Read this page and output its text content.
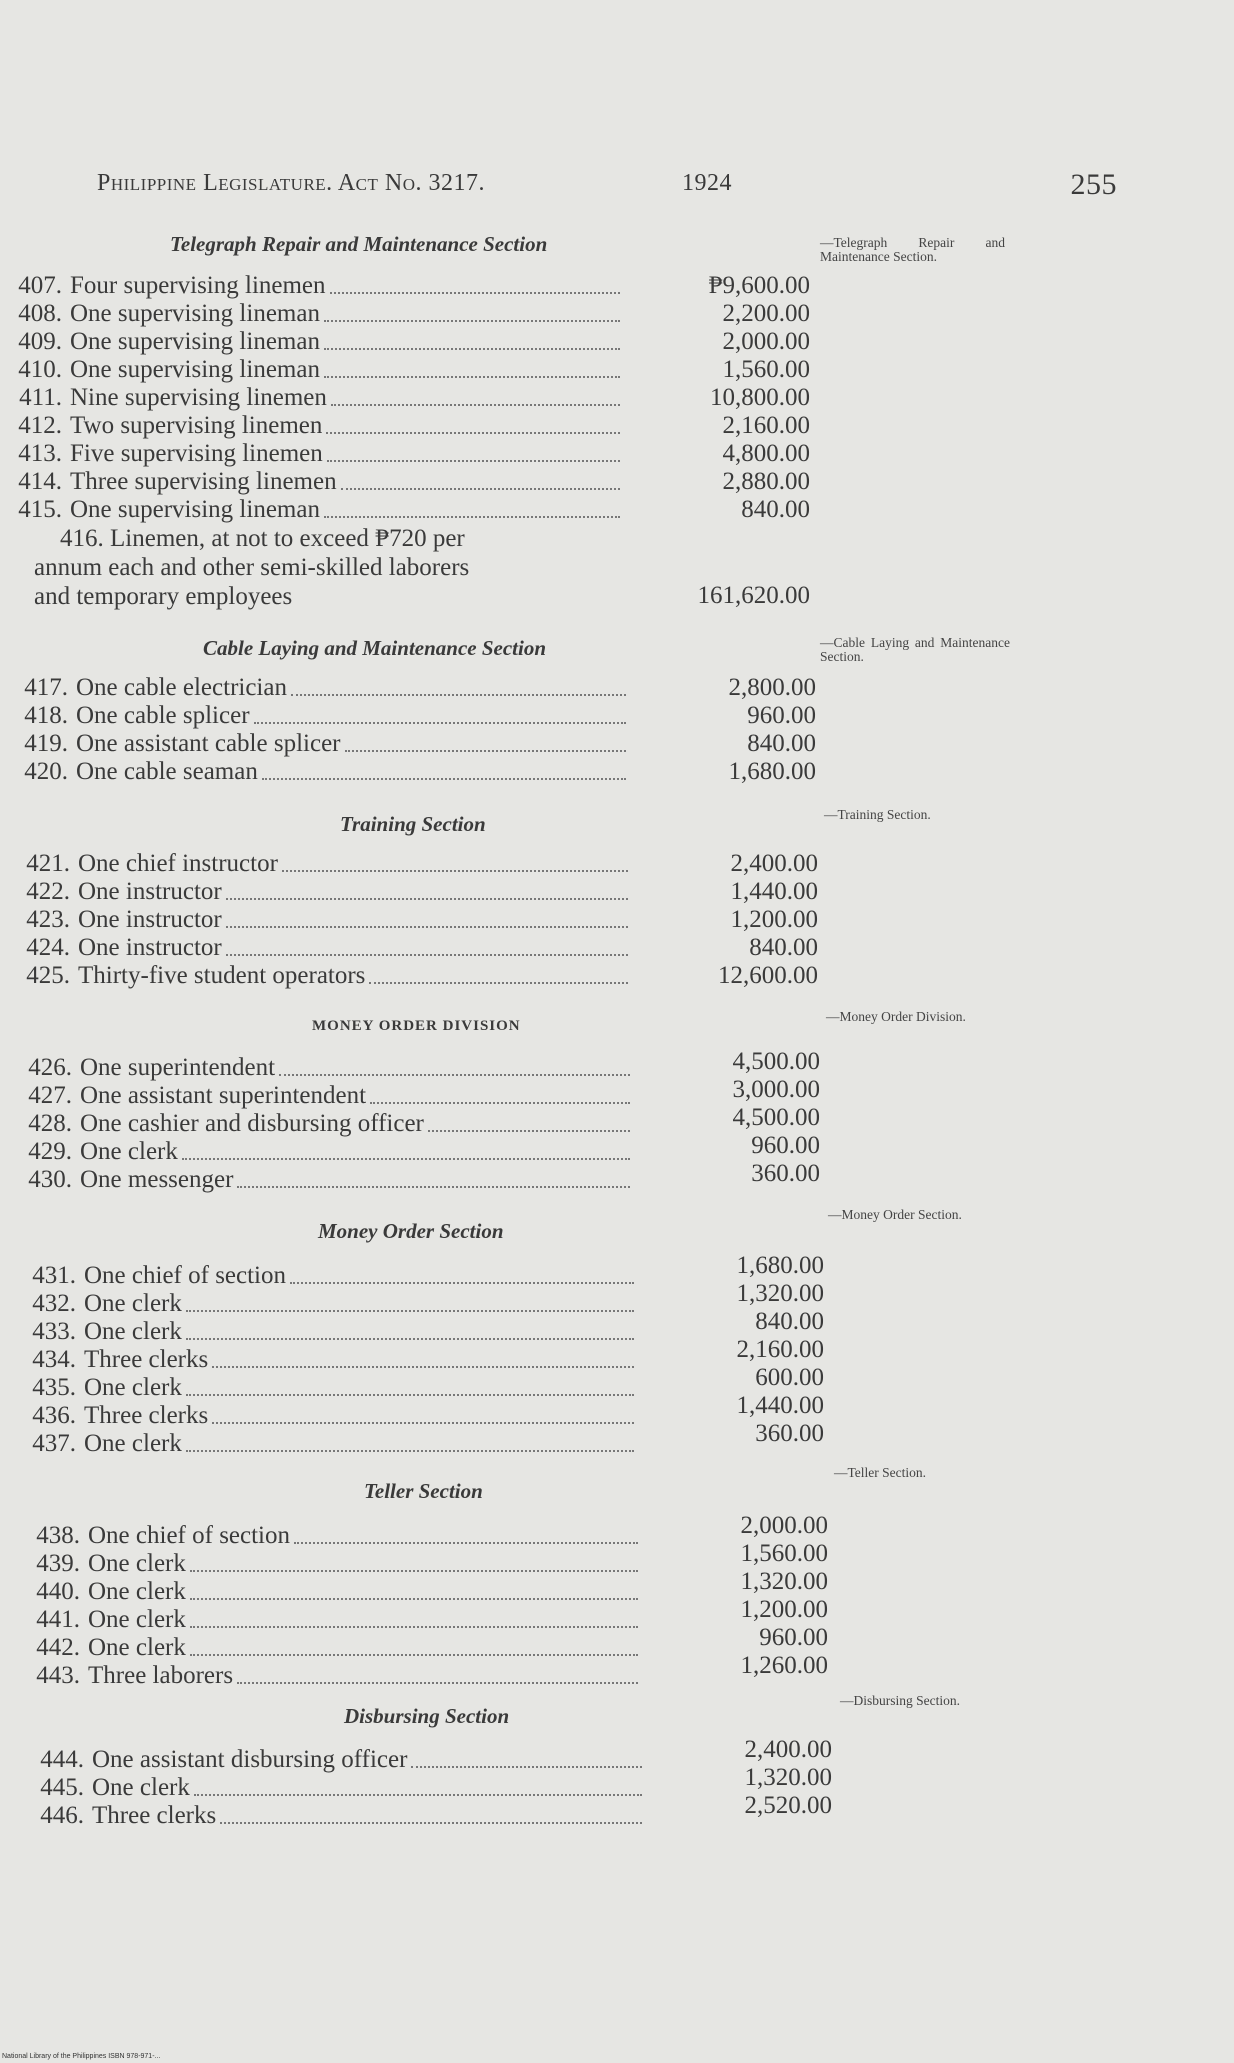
Philippine Legislature. Act No. 3217.	1924	255
Telegraph Repair and Maintenance Section	—Telegraph Repair and Maintenance Section.
407. Four supervising linemen	₱9,600.00
408. One supervising lineman	2,200.00
409. One supervising lineman	2,000.00
410. One supervising lineman	1,560.00
411. Nine supervising linemen	10,800.00
412. Two supervising linemen	2,160.00
413. Five supervising linemen	4,800.00
414. Three supervising linemen	2,880.00
415. One supervising lineman	840.00
416. Linemen, at not to exceed ₱720 per
annum each and other semi-skilled laborers
and temporary employees	161,620.00
Cable Laying and Maintenance Section	—Cable Laying and Maintenance Section.
417. One cable electrician	2,800.00
418. One cable splicer	960.00
419. One assistant cable splicer	840.00
420. One cable seaman	1,680.00
Training Section	—Training Section.
421. One chief instructor	2,400.00
422. One instructor	1,440.00
423. One instructor	1,200.00
424. One instructor	840.00
425. Thirty-five student operators	12,600.00
MONEY ORDER DIVISION
—Money Order Division.
426. One superintendent	4,500.00
427. One assistant superintendent	3,000.00
428. One cashier and disbursing officer	4,500.00
429. One clerk	960.00
430. One messenger	360.00
Money Order Section
—Money Order Section.
431. One chief of section	1,680.00
432. One clerk	1,320.00
433. One clerk	840.00
434. Three clerks	2,160.00
435. One clerk	600.00
436. Three clerks	1,440.00
437. One clerk	360.00
Teller Section
—Teller Section.
438. One chief of section	2,000.00
439. One clerk	1,560.00
440. One clerk	1,320.00
441. One clerk	1,200.00
442. One clerk	960.00
443. Three laborers	1,260.00
Disbursing Section
—Disbursing Section.
444. One assistant disbursing officer	2,400.00
445. One clerk	1,320.00
446. Three clerks	2,520.00
National Library of the Philippines ISBN 978-971-...
